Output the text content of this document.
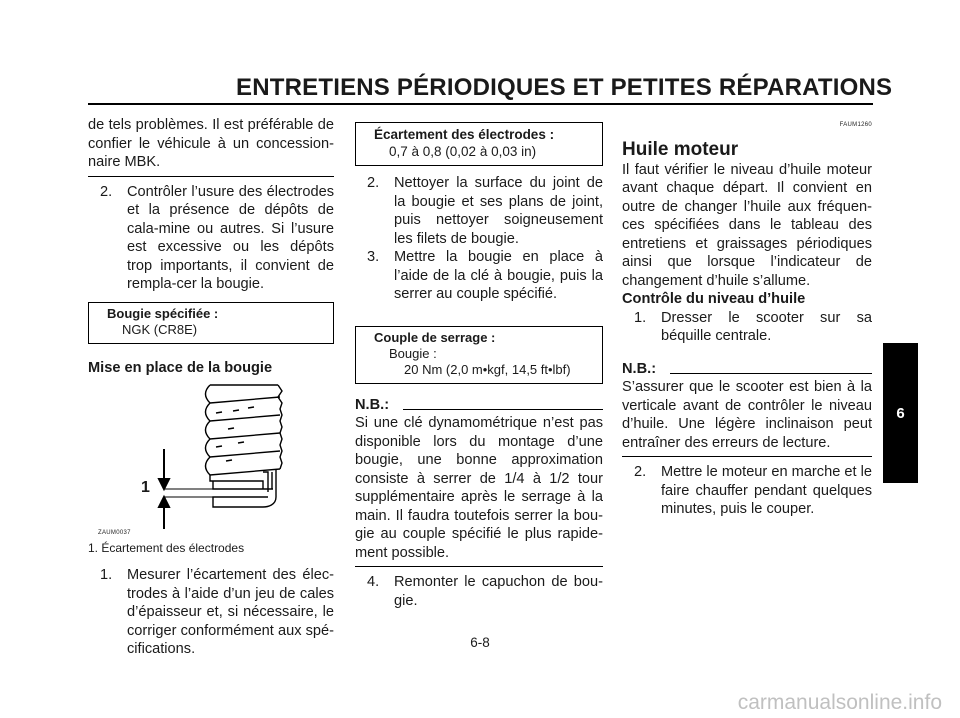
ENTRETIENS PÉRIODIQUES ET PETITES RÉPARATIONS
6

de tels problèmes. Il est préférable de confier le véhicule à un concession-naire MBK.

2.	Contrôler l’usure des électrodes et la présence de dépôts de cala-mine ou autres. Si l’usure est excessive ou les dépôts trop importants, il convient de rempla-cer la bougie.
Bougie spécifiée :
NGK (CR8E)

Mise en place de la bougie

1
ZAUM0037

1. Écartement des électrodes

1.	Mesurer l’écartement des élec-trodes à l’aide d’un jeu de cales d’épaisseur et, si nécessaire, le corriger conformément aux spé-cifications.
Écartement des électrodes :
0,7 à 0,8 (0,02 à 0,03 in)
2.	Nettoyer la surface du joint de la bougie et ses plans de joint, puis nettoyer soigneusement les filets de bougie.
3.	Mettre la bougie en place à l’aide de la clé à bougie, puis la serrer au couple spécifié.
Couple de serrage :
Bougie :
20 Nm (2,0 m•kgf, 14,5 ft•lbf)
N.B.:

Si une clé dynamométrique n’est pas disponible lors du montage d’une bougie, une bonne approximation consiste à serrer de 1/4 à 1/2 tour supplémentaire après le serrage à la main. Il faudra toutefois serrer la bou-gie au couple spécifié le plus rapide-ment possible.

4.	Remonter le capuchon de bou-gie.
FAUM1260

Huile moteur

Il faut vérifier le niveau d’huile moteur avant chaque départ. Il convient en outre de changer l’huile aux fréquen-ces spécifiées dans le tableau des entretiens et graissages périodiques ainsi que lorsque l’indicateur de changement d’huile s’allume.

Contrôle du niveau d’huile

1.	Dresser le scooter sur sa béquille centrale.
N.B.:

S’assurer que le scooter est bien à la verticale avant de contrôler le niveau d’huile. Une légère inclinaison peut entraîner des erreurs de lecture.

2.	Mettre le moteur en marche et le faire chauffer pendant quelques minutes, puis le couper.
6-8
carmanualsonline.info
